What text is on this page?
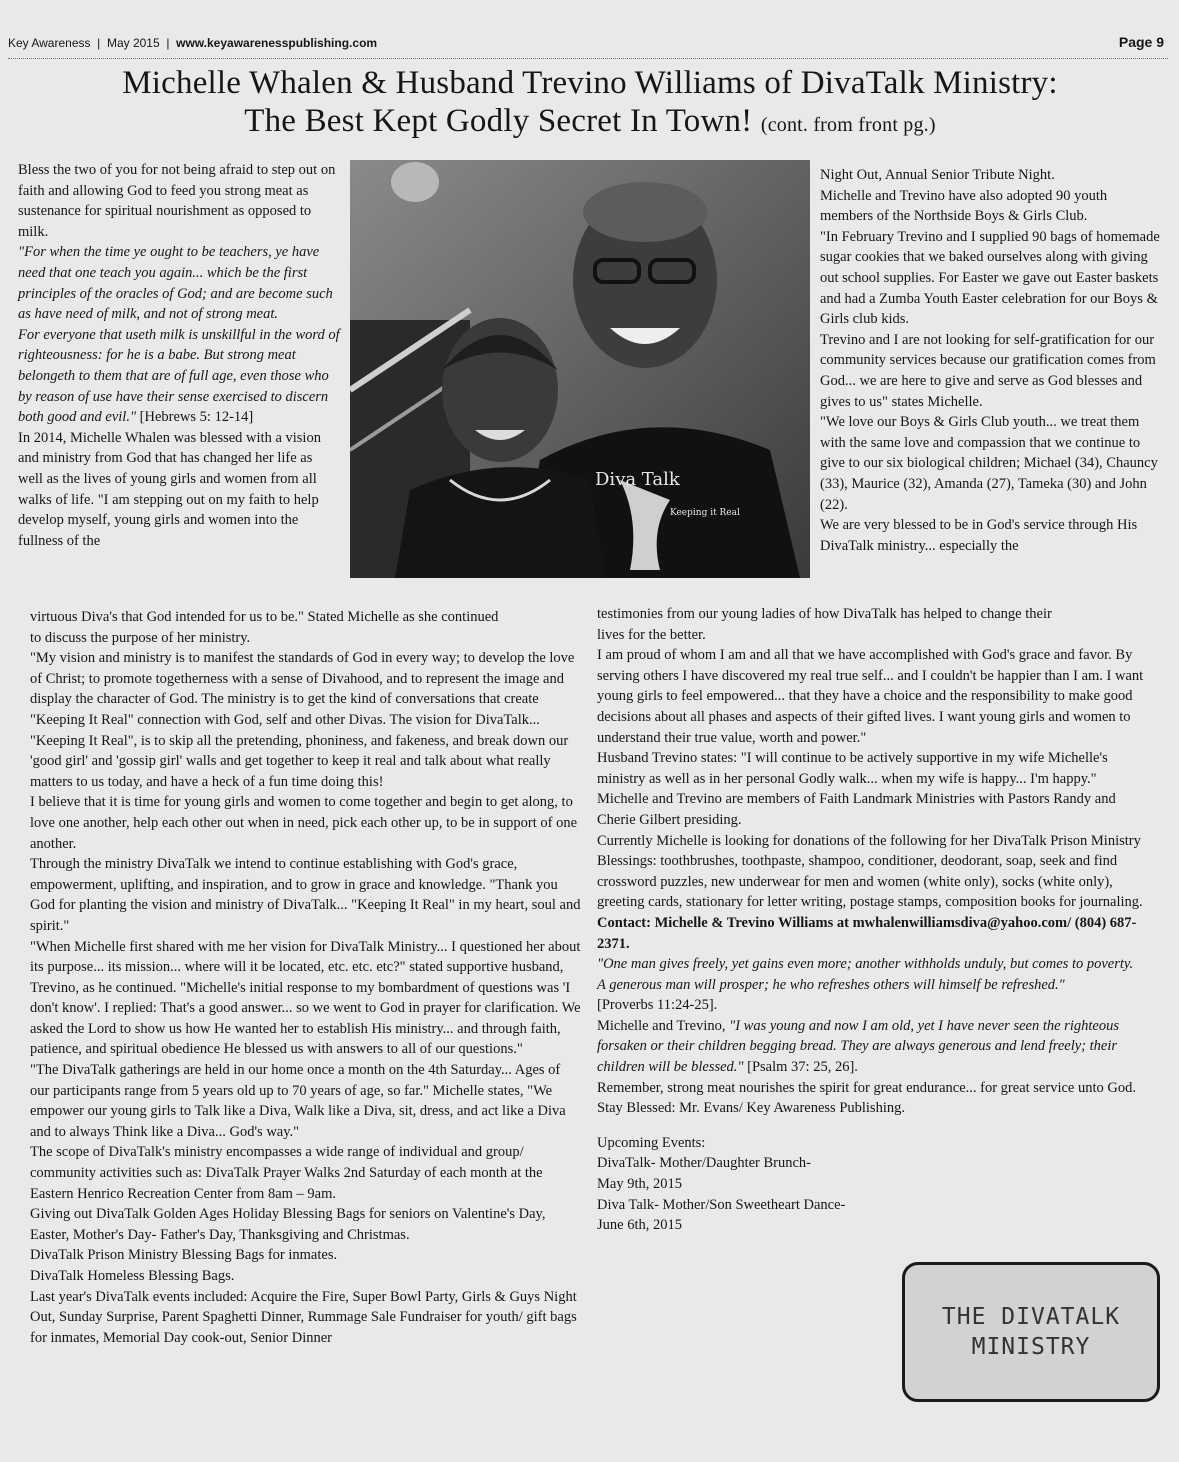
Key Awareness  |  May 2015  |  www.keyawarenesspublishing.com	Page 9
Michelle Whalen & Husband Trevino Williams of DivaTalk Ministry:
The Best Kept Godly Secret In Town! (cont. from front pg.)

Bless the two of you for not being afraid to step out on faith and allowing God to feed you strong meat as sustenance for spiritual nourishment as opposed to milk.

"For when the time ye ought to be teachers, ye have need that one teach you again... which be the first principles of the oracles of God; and are become such as have need of milk, and not of strong meat.

For everyone that useth milk is unskillful in the word of righteousness: for he is a babe. But strong meat belongeth to them that are of full age, even those who by reason of use have their sense exercised to discern both good and evil." [Hebrews 5: 12-14]

In 2014, Michelle Whalen was blessed with a vision and ministry from God that has changed her life as well as the lives of young girls and women from all walks of life. "I am stepping out on my faith to help develop myself, young girls and women into the fullness of the

Diva Talk
Keeping it Real

Night Out, Annual Senior Tribute Night.

Michelle and Trevino have also adopted 90 youth members of the Northside Boys & Girls Club.

"In February Trevino and I supplied 90 bags of homemade sugar cookies that we baked ourselves along with giving out school supplies. For Easter we gave out Easter baskets and had a Zumba Youth Easter celebration for our Boys & Girls club kids.

Trevino and I are not looking for self-gratification for our community services because our gratification comes from God... we are here to give and serve as God blesses and gives to us" states Michelle.

"We love our Boys & Girls Club youth... we treat them with the same love and compassion that we continue to give to our six biological children; Michael (34), Chauncy (33), Maurice (32), Amanda (27), Tameka (30) and John (22).

We are very blessed to be in God's service through His DivaTalk ministry... especially the

virtuous Diva's that God intended for us to be." Stated Michelle as she continued

to discuss the purpose of her ministry.

"My vision and ministry is to manifest the standards of God in every way; to develop the love of Christ; to promote togetherness with a sense of Divahood, and to represent the image and display the character of God. The ministry is to get the kind of conversations that create "Keeping It Real" connection with God, self and other Divas. The vision for DivaTalk... "Keeping It Real", is to skip all the pretending, phoniness, and fakeness, and break down our 'good girl' and 'gossip girl' walls and get together to keep it real and talk about what really matters to us today, and have a heck of a fun time doing this!

I believe that it is time for young girls and women to come together and begin to get along, to love one another, help each other out when in need, pick each other up, to be in support of one another.

Through the ministry DivaTalk we intend to continue establishing with God's grace, empowerment, uplifting, and inspiration, and to grow in grace and knowledge. "Thank you God for planting the vision and ministry of DivaTalk... "Keeping It Real" in my heart, soul and spirit."

"When Michelle first shared with me her vision for DivaTalk Ministry... I questioned her about its purpose... its mission... where will it be located, etc. etc. etc?" stated supportive husband, Trevino, as he continued. "Michelle's initial response to my bombardment of questions was 'I don't know'. I replied: That's a good answer... so we went to God in prayer for clarification. We asked the Lord to show us how He wanted her to establish His ministry... and through faith, patience, and spiritual obedience He blessed us with answers to all of our questions."

"The DivaTalk gatherings are held in our home once a month on the 4th Saturday... Ages of our participants range from 5 years old up to 70 years of age, so far." Michelle states, "We empower our young girls to Talk like a Diva, Walk like a Diva, sit, dress, and act like a Diva and to always Think like a Diva... God's way."

The scope of DivaTalk's ministry encompasses a wide range of individual and group/ community activities such as: DivaTalk Prayer Walks 2nd Saturday of each month at the Eastern Henrico Recreation Center from 8am – 9am.

Giving out DivaTalk Golden Ages Holiday Blessing Bags for seniors on Valentine's Day, Easter, Mother's Day- Father's Day, Thanksgiving and Christmas.

DivaTalk Prison Ministry Blessing Bags for inmates.

DivaTalk Homeless Blessing Bags.

Last year's DivaTalk events included: Acquire the Fire, Super Bowl Party, Girls & Guys Night Out, Sunday Surprise, Parent Spaghetti Dinner, Rummage Sale Fundraiser for youth/ gift bags for inmates, Memorial Day cook-out, Senior Dinner

testimonies from our young ladies of how DivaTalk has helped to change their

lives for the better.

I am proud of whom I am and all that we have accomplished with God's grace and favor. By serving others I have discovered my real true self... and I couldn't be happier than I am. I want young girls to feel empowered... that they have a choice and the responsibility to make good decisions about all phases and aspects of their gifted lives. I want young girls and women to understand their true value, worth and power."

Husband Trevino states: "I will continue to be actively supportive in my wife Michelle's ministry as well as in her personal Godly walk... when my wife is happy... I'm happy."

Michelle and Trevino are members of Faith Landmark Ministries with Pastors Randy and Cherie Gilbert presiding.

Currently Michelle is looking for donations of the following for her DivaTalk Prison Ministry Blessings: toothbrushes, toothpaste, shampoo, conditioner, deodorant, soap, seek and find crossword puzzles, new underwear for men and women (white only), socks (white only), greeting cards, stationary for letter writing, postage stamps, composition books for journaling.

Contact: Michelle & Trevino Williams at mwhalenwilliamsdiva@yahoo.com/ (804) 687-2371.

"One man gives freely, yet gains even more; another withholds unduly, but comes to poverty. A generous man will prosper; he who refreshes others will himself be refreshed."

[Proverbs 11:24-25].

Michelle and Trevino, "I was young and now I am old, yet I have never seen the righteous forsaken or their children begging bread. They are always generous and lend freely; their children will be blessed." [Psalm 37: 25, 26].

Remember, strong meat nourishes the spirit for great endurance... for great service unto God.

Stay Blessed: Mr. Evans/ Key Awareness Publishing.

Upcoming Events:

DivaTalk- Mother/Daughter Brunch-

May 9th, 2015

Diva Talk- Mother/Son Sweetheart Dance-

June 6th, 2015

THE DIVATALK
MINISTRY
